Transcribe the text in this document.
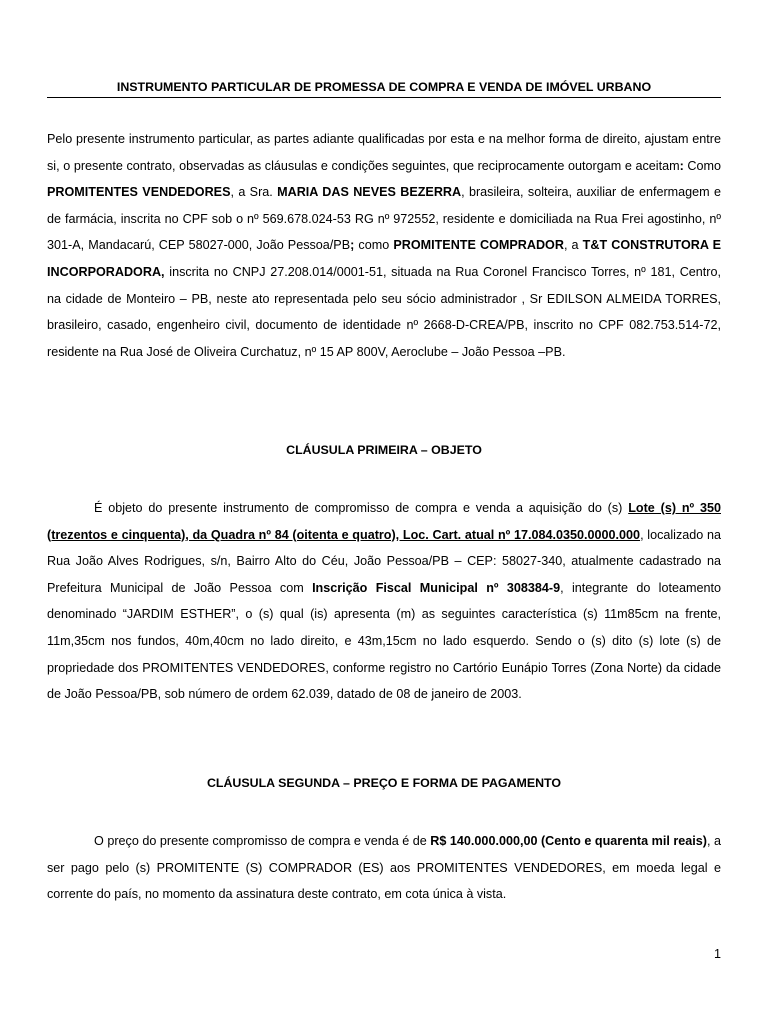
INSTRUMENTO PARTICULAR DE PROMESSA DE COMPRA E VENDA DE IMÓVEL URBANO

Pelo presente instrumento particular, as partes adiante qualificadas por esta e na melhor forma de direito, ajustam entre si, o presente contrato, observadas as cláusulas e condições seguintes, que reciprocamente outorgam e aceitam: Como PROMITENTES VENDEDORES, a Sra. MARIA DAS NEVES BEZERRA, brasileira, solteira, auxiliar de enfermagem e de farmácia, inscrita no CPF sob o nº 569.678.024-53 RG nº 972552, residente e domiciliada na Rua Frei agostinho, nº 301-A, Mandacarú, CEP 58027-000, João Pessoa/PB; como PROMITENTE COMPRADOR, a T&T CONSTRUTORA E INCORPORADORA, inscrita no CNPJ 27.208.014/0001-51, situada na Rua Coronel Francisco Torres, nº 181, Centro, na cidade de Monteiro – PB, neste ato representada pelo seu sócio administrador , Sr EDILSON ALMEIDA TORRES, brasileiro, casado, engenheiro civil, documento de identidade nº 2668-D-CREA/PB, inscrito no CPF 082.753.514-72, residente na Rua José de Oliveira Curchatuz, nº 15 AP 800V, Aeroclube – João Pessoa –PB.

CLÁUSULA PRIMEIRA – OBJETO

É objeto do presente instrumento de compromisso de compra e venda a aquisição do (s) Lote (s) nº 350 (trezentos e cinquenta), da Quadra nº 84 (oitenta e quatro), Loc. Cart. atual nº 17.084.0350.0000.000, localizado na Rua João Alves Rodrigues, s/n, Bairro Alto do Céu, João Pessoa/PB – CEP: 58027-340, atualmente cadastrado na Prefeitura Municipal de João Pessoa com Inscrição Fiscal Municipal nº 308384-9, integrante do loteamento denominado “JARDIM ESTHER”, o (s) qual (is) apresenta (m) as seguintes característica (s) 11m85cm na frente, 11m,35cm nos fundos, 40m,40cm no lado direito, e 43m,15cm no lado esquerdo. Sendo o (s) dito (s) lote (s) de propriedade dos PROMITENTES VENDEDORES, conforme registro no Cartório Eunápio Torres (Zona Norte) da cidade de João Pessoa/PB, sob número de ordem 62.039, datado de 08 de janeiro de 2003.

CLÁUSULA SEGUNDA – PREÇO E FORMA DE PAGAMENTO

O preço do presente compromisso de compra e venda é de R$ 140.000.000,00 (Cento e quarenta mil reais), a ser pago pelo (s) PROMITENTE (S) COMPRADOR (ES) aos PROMITENTES VENDEDORES, em moeda legal e corrente do país, no momento da assinatura deste contrato, em cota única à vista.

1
